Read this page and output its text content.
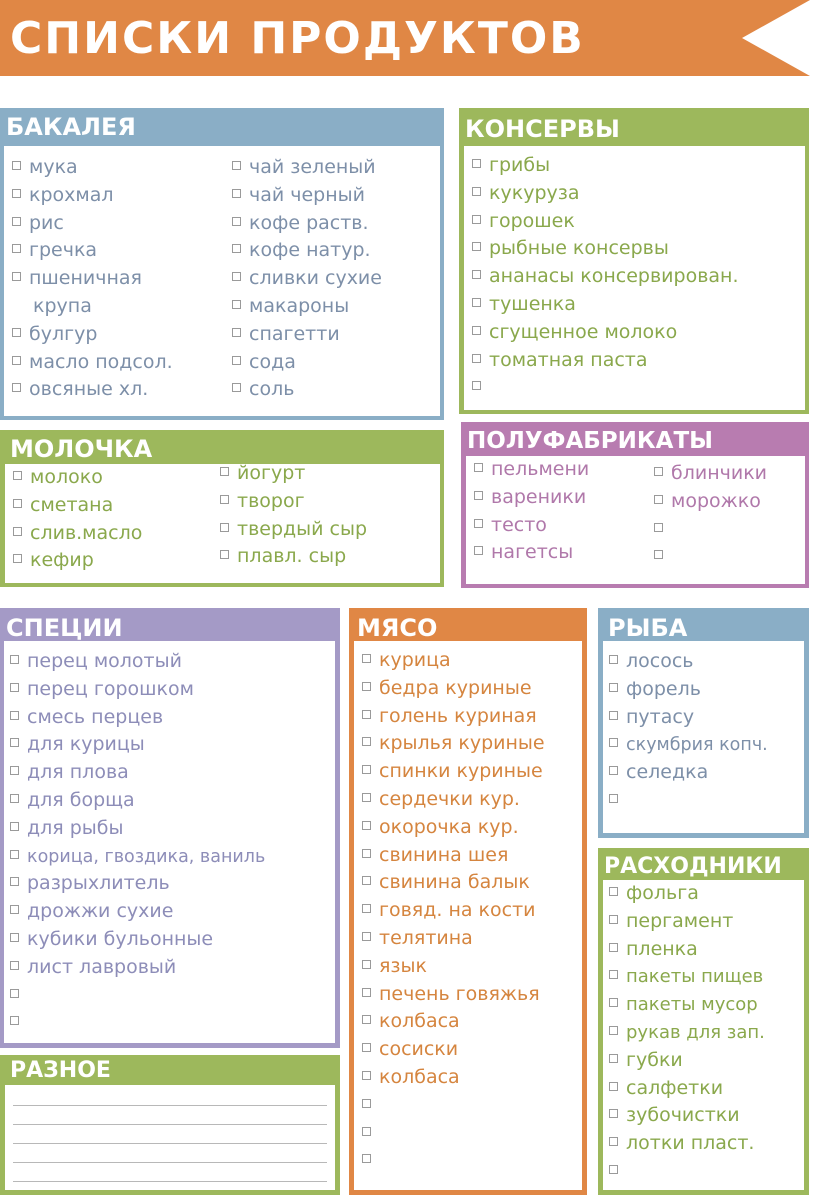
СПИСКИ ПРОДУКТОВ
БАКАЛЕЯ
мука
крохмал
рис
гречка
пшеничная
крупа
булгур
масло подсол.
овсяные хл.
чай зеленый
чай черный
кофе раств.
кофе натур.
сливки сухие
макароны
спагетти
сода
соль
КОНСЕРВЫ
грибы
кукуруза
горошек
рыбные консервы
ананасы консервирован.
тушенка
сгущенное молоко
томатная паста
МОЛОЧКА
молоко
сметана
слив.масло
кефир
йогурт
творог
твердый сыр
плавл. сыр
ПОЛУФАБРИКАТЫ
пельмени
вареники
тесто
нагетсы
блинчики
морожко
СПЕЦИИ
перец молотый
перец горошком
смесь перцев
для курицы
для плова
для борща
для рыбы
корица, гвоздика, ваниль
разрыхлитель
дрожжи сухие
кубики бульонные
лист лавровый
РАЗНОЕ
МЯСО
курица
бедра куриные
голень куриная
крылья куриные
спинки куриные
сердечки кур.
окорочка кур.
свинина шея
свинина балык
говяд. на кости
телятина
язык
печень говяжья
колбаса
сосиски
колбаса
РЫБА
лосось
форель
путасу
скумбрия копч.
селедка
РАСХОДНИКИ
фольга
пергамент
пленка
пакеты пищев
пакеты мусор
рукав для зап.
губки
салфетки
зубочистки
лотки пласт.
